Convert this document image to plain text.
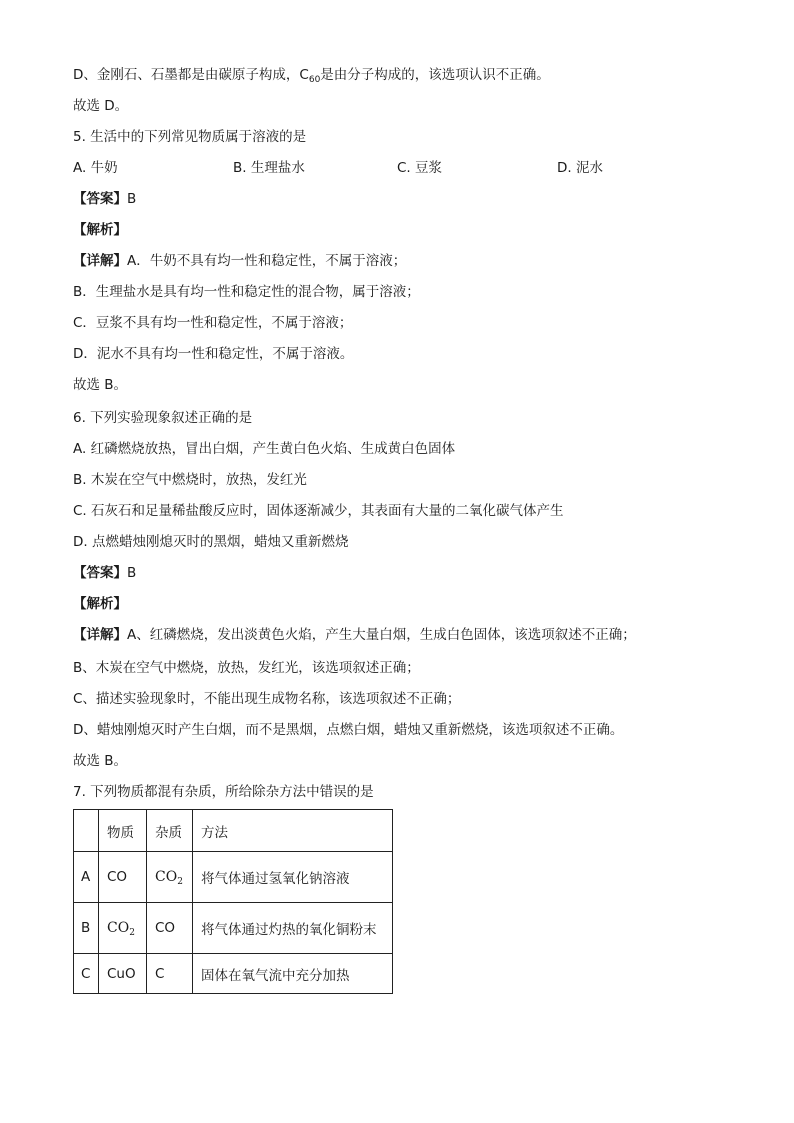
D、金刚石、石墨都是由碳原子构成，$C_{60}$是由分子构成的，该选项认识不正确。
故选 D。
5. 生活中的下列常见物质属于溶液的是
A. 牛奶	B. 生理盐水	C. 豆浆	D. 泥水
【答案】B
【解析】
【详解】A．牛奶不具有均一性和稳定性，不属于溶液；
B．生理盐水是具有均一性和稳定性的混合物，属于溶液；
C．豆浆不具有均一性和稳定性，不属于溶液；
D．泥水不具有均一性和稳定性，不属于溶液。
故选 B。
6. 下列实验现象叙述正确的是
A. 红磷燃烧放热，冒出白烟，产生黄白色火焰、生成黄白色固体
B. 木炭在空气中燃烧时，放热，发红光
C. 石灰石和足量稀盐酸反应时，固体逐渐减少，其表面有大量的二氧化碳气体产生
D. 点燃蜡烛刚熄灭时的黑烟，蜡烛又重新燃烧
【答案】B
【解析】
【详解】A、红磷燃烧，发出淡黄色火焰，产生大量白烟，生成白色固体，该选项叙述不正确；
B、木炭在空气中燃烧，放热，发红光，该选项叙述正确；
C、描述实验现象时，不能出现生成物名称，该选项叙述不正确；
D、蜡烛刚熄灭时产生白烟，而不是黑烟，点燃白烟，蜡烛又重新燃烧，该选项叙述不正确。
故选 B。
7. 下列物质都混有杂质，所给除杂方法中错误的是
	物质	杂质	方法
A	CO	$CO_2$	将气体通过氢氧化钠溶液
B	$CO_2$	CO	将气体通过灼热的氧化铜粉末
C	CuO	C	固体在氧气流中充分加热
